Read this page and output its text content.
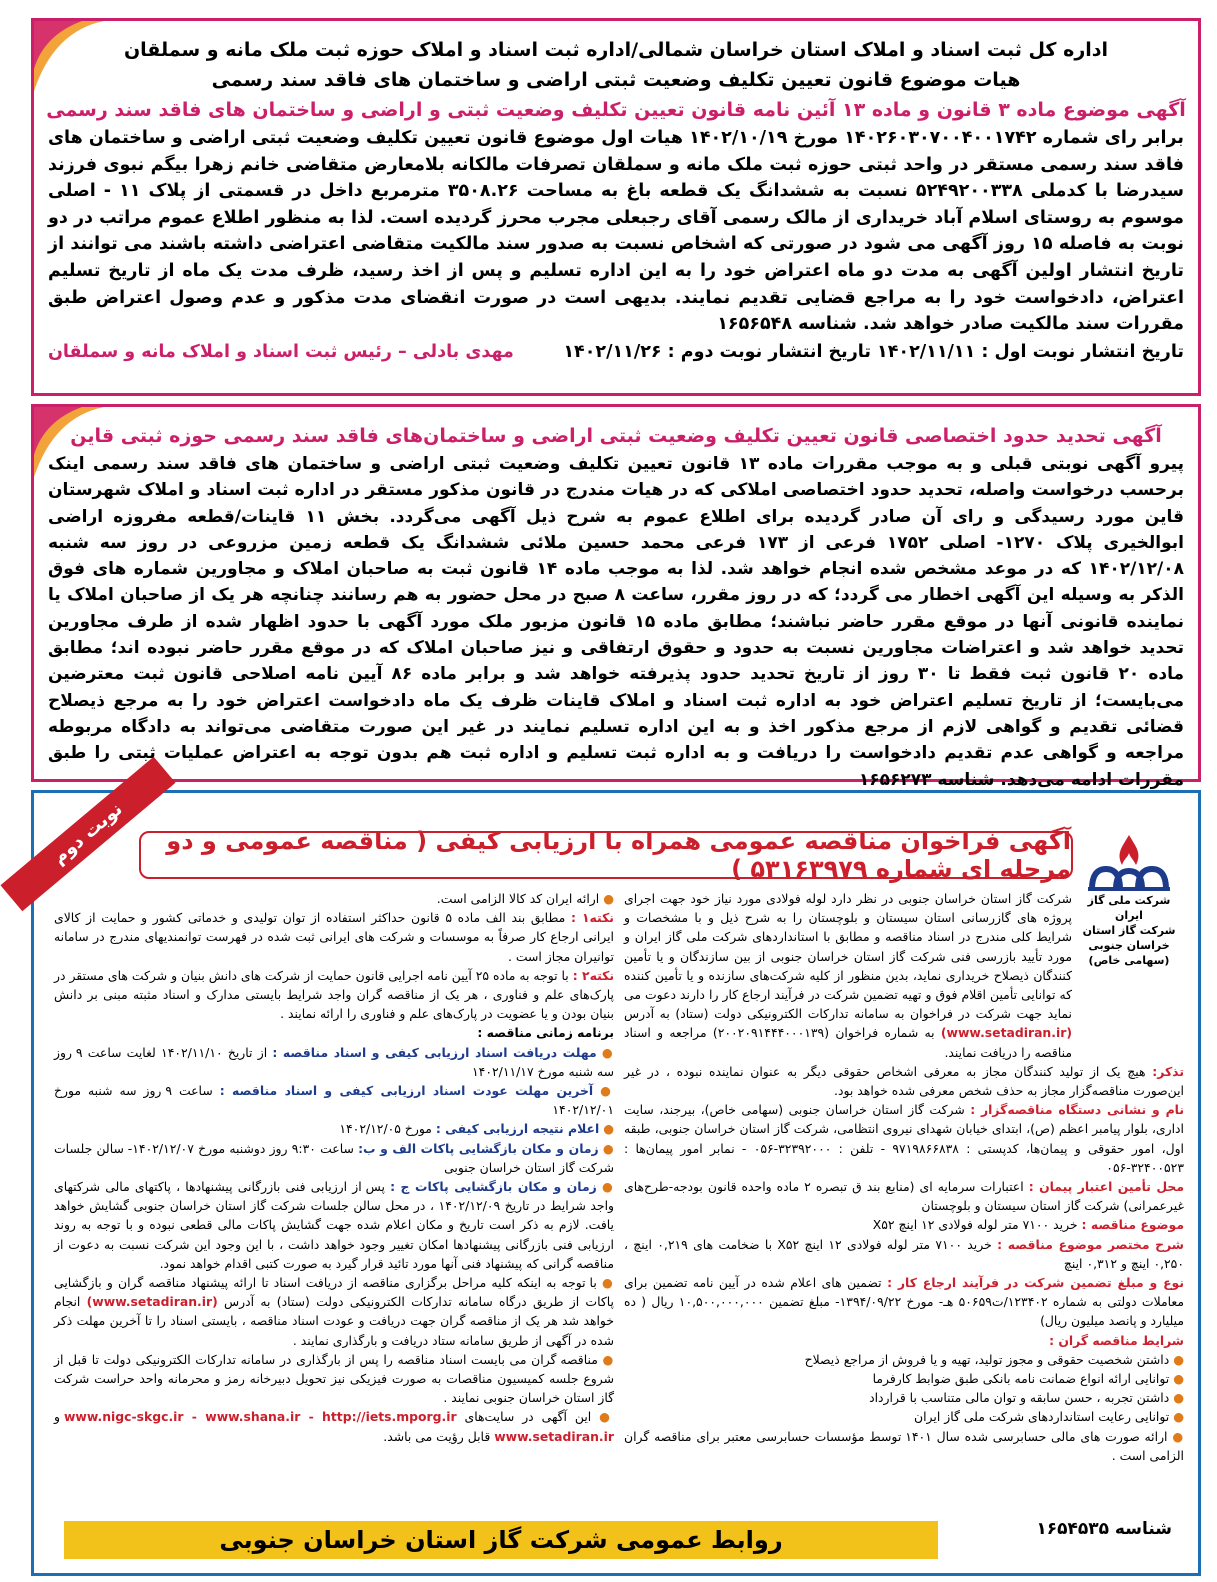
اداره کل ثبت اسناد و املاک استان خراسان شمالی/اداره ثبت اسناد و املاک حوزه ثبت ملک مانه و سملقان
هیات موضوع قانون تعیین تکلیف وضعیت ثبتی اراضی و ساختمان های فاقد سند رسمی
آگهی موضوع ماده ۳ قانون و ماده ۱۳ آئین نامه قانون تعیین تکلیف وضعیت ثبتی و اراضی و ساختمان های فاقد سند رسمی
برابر رای شماره ۱۴۰۲۶۰۳۰۷۰۰۴۰۰۱۷۴۲ مورخ ۱۴۰۲/۱۰/۱۹ هیات اول موضوع قانون تعیین تکلیف وضعیت ثبتی اراضی و ساختمان های فاقد سند رسمی مستقر در واحد ثبتی حوزه ثبت ملک مانه و سملقان تصرفات مالکانه بلامعارض متقاضی خانم زهرا بیگم نبوی فرزند سیدرضا با کدملی ۵۲۴۹۲۰۰۳۳۸ نسبت به ششدانگ یک قطعه باغ به مساحت ۳۵۰۸.۲۶ مترمربع داخل در قسمتی از پلاک ۱۱ - اصلی موسوم به روستای اسلام آباد خریداری از مالک رسمی آقای رجبعلی مجرب محرز گردیده است. لذا به منظور اطلاع عموم مراتب در دو نوبت به فاصله ۱۵ روز آگهی می شود در صورتی که اشخاص نسبت به صدور سند مالکیت متقاضی اعتراضی داشته باشند می توانند از تاریخ انتشار اولین آگهی به مدت دو ماه اعتراض خود را به این اداره تسلیم و پس از اخذ رسید، ظرف مدت یک ماه از تاریخ تسلیم اعتراض، دادخواست خود را به مراجع قضایی تقدیم نمایند. بدیهی است در صورت انقضای مدت مذکور و عدم وصول اعتراض طبق مقررات سند مالکیت صادر خواهد شد. شناسه ۱۶۵۶۵۴۸
تاریخ انتشار نوبت اول : ۱۴۰۲/۱۱/۱۱ تاریخ انتشار نوبت دوم : ۱۴۰۲/۱۱/۲۶
مهدی بادلی – رئیس ثبت اسناد و املاک مانه و سملقان
آگهی تحدید حدود اختصاصی قانون تعیین تکلیف وضعیت ثبتی اراضی و ساختمان‌های فاقد سند رسمی حوزه ثبتی قاین
پیرو آگهی نوبتی قبلی و به موجب مقررات ماده ۱۳ قانون تعیین تکلیف وضعیت ثبتی اراضی و ساختمان های فاقد سند رسمی اینک برحسب درخواست واصله، تحدید حدود اختصاصی املاکی که در هیات مندرج در قانون مذکور مستقر در اداره ثبت اسناد و املاک شهرستان قاین مورد رسیدگی و رای آن صادر گردیده برای اطلاع عموم به شرح ذیل آگهی می‌گردد. بخش ۱۱ قاینات/قطعه مفروزه اراضی ابوالخیری پلاک ۱۲۷۰- اصلی ۱۷۵۲ فرعی از ۱۷۳ فرعی محمد حسین ملائی ششدانگ یک قطعه زمین مزروعی در روز سه شنبه ۱۴۰۲/۱۲/۰۸ که در موعد مشخص شده انجام خواهد شد. لذا به موجب ماده ۱۴ قانون ثبت به صاحبان املاک و مجاورین شماره های فوق الذکر به وسیله این آگهی اخطار می گردد؛ که در روز مقرر، ساعت ۸ صبح در محل حضور به هم رسانند چنانچه هر یک از صاحبان املاک یا نماینده قانونی آنها در موقع مقرر حاضر نباشند؛ مطابق ماده ۱۵ قانون مزبور ملک مورد آگهی با حدود اظهار شده از طرف مجاورین تحدید خواهد شد و اعتراضات مجاورین نسبت به حدود و حقوق ارتفاقی و نیز صاحبان املاک که در موقع مقرر حاضر نبوده اند؛ مطابق ماده ۲۰ قانون ثبت فقط تا ۳۰ روز از تاریخ تحدید حدود پذیرفته خواهد شد و برابر ماده ۸۶ آیین نامه اصلاحی قانون ثبت معترضین می‌بایست؛ از تاریخ تسلیم اعتراض خود به اداره ثبت اسناد و املاک قاینات ظرف یک ماه دادخواست اعتراض خود را به مرجع ذیصلاح قضائی تقدیم و گواهی لازم از مرجع مذکور اخذ و به این اداره تسلیم نمایند در غیر این صورت متقاضی می‌تواند به دادگاه مربوطه مراجعه و گواهی عدم تقدیم دادخواست را دریافت و به اداره ثبت تسلیم و اداره ثبت هم بدون توجه به اعتراض عملیات ثبتی را طبق مقررات ادامه می‌دهد. شناسه ۱۶۵۶۲۷۳
نوبت دوم	آگهی فراخوان مناقصه عمومی همراه با ارزیابی کیفی ( مناقصه عمومی و دو مرحله ای شماره ۵۳۱۶۳۹۷۹ )
شرکت ملی گاز ایران
شرکت گاز استان خراسان جنوبی
(سهامی خاص)

شرکت گاز استان خراسان جنوبی در نظر دارد لوله فولادی مورد نیاز خود جهت اجرای پروژه های گازرسانی استان سیستان و بلوچستان را به شرح ذیل و با مشخصات و شرایط کلی مندرج در اسناد مناقصه و مطابق با استانداردهای شرکت ملی گاز ایران و مورد تأیید بازرسی فنی شرکت گاز استان خراسان جنوبی از بین سازندگان و یا تأمین کنندگان ذیصلاح خریداری نماید، بدین منظور از کلیه شرکت‌های سازنده و یا تأمین کننده که توانایی تأمین اقلام فوق و تهیه تضمین شرکت در فرآیند ارجاع کار را دارند دعوت می نماید جهت شرکت در فراخوان به سامانه تدارکات الکترونیکی دولت (ستاد) به آدرس (www.setadiran.ir) به شماره فراخوان (۲۰۰۲۰۹۱۴۴۴۰۰۰۱۳۹) مراجعه و اسناد مناقصه را دریافت نمایند.

تذکر: هیچ یک از تولید کنندگان مجاز به معرفی اشخاص حقوقی دیگر به عنوان نماینده نبوده ، در غیر این‌صورت مناقصه‌گزار مجاز به حذف شخص معرفی شده خواهد بود.

نام و نشانی دستگاه مناقصه‌گزار : شرکت گاز استان خراسان جنوبی (سهامی خاص)، بیرجند، سایت اداری، بلوار پیامبر اعظم (ص)، ابتدای خیابان شهدای نیروی انتظامی، شرکت گاز استان خراسان جنوبی، طبقه اول، امور حقوقی و پیمان‌ها، کدپستی : ۹۷۱۹۸۶۶۸۳۸ - تلفن : ۳۲۳۹۲۰۰۰-۰۵۶ - نمابر امور پیمان‌ها : ۳۲۴۰۰۵۲۳-۰۵۶

محل تأمین اعتبار پیمان : اعتبارات سرمایه ای (منابع بند ق تبصره ۲ ماده واحده قانون بودجه-طرح‌های غیرعمرانی) شرکت گاز استان سیستان و بلوچستان

موضوع مناقصه : خرید ۷۱۰۰ متر لوله فولادی ۱۲ اینچ X۵۲

شرح مختصر موضوع مناقصه : خرید ۷۱۰۰ متر لوله فولادی ۱۲ اینچ X۵۲ با ضخامت های ۰,۲۱۹ اینچ ، ۰,۲۵۰ اینچ و ۰,۳۱۲ اینچ

نوع و مبلغ تضمین شرکت در فرآیند ارجاع کار : تضمین های اعلام شده در آیین نامه تضمین برای معاملات دولتی به شماره ۱۲۳۴۰۲/ت۵۰۶۵۹ هـ- مورخ ۱۳۹۴/۰۹/۲۲- مبلغ تضمین ۱۰,۵۰۰,۰۰۰,۰۰۰ ریال ( ده میلیارد و پانصد میلیون ریال)

شرایط مناقصه گران :

● داشتن شخصیت حقوقی و مجوز تولید، تهیه و یا فروش از مراجع ذیصلاح

● توانایی ارائه انواع ضمانت نامه بانکی طبق ضوابط کارفرما

● داشتن تجربه ، حسن سابقه و توان مالی متناسب با قرارداد

● توانایی رعایت استانداردهای شرکت ملی گاز ایران

● ارائه صورت های مالی حسابرسی شده سال ۱۴۰۱ توسط مؤسسات حسابرسی معتبر برای مناقصه گران الزامی است .

● ارائه ایران کد کالا الزامی است.

نکته۱ : مطابق بند الف ماده ۵ قانون حداکثر استفاده از توان تولیدی و خدماتی کشور و حمایت از کالای ایرانی ارجاع کار صرفاً به موسسات و شرکت های ایرانی ثبت شده در فهرست توانمندیهای مندرج در سامانه توانیران مجاز است .

نکته۲ : با توجه به ماده ۲۵ آیین نامه اجرایی قانون حمایت از شرکت های دانش بنیان و شرکت های مستقر در پارک‌های علم و فناوری ، هر یک از مناقصه گران واجد شرایط بایستی مدارک و اسناد مثبته مبنی بر دانش بنیان بودن و یا عضویت در پارک‌های علم و فناوری را ارائه نمایند .

برنامه زمانی مناقصه :

● مهلت دریافت اسناد ارزیابی کیفی و اسناد مناقصه : از تاریخ ۱۴۰۲/۱۱/۱۰ لغایت ساعت ۹ روز سه شنبه مورخ ۱۴۰۲/۱۱/۱۷

● آخرین مهلت عودت اسناد ارزیابی کیفی و اسناد مناقصه : ساعت ۹ روز سه شنبه مورخ ۱۴۰۲/۱۲/۰۱

● اعلام نتیجه ارزیابی کیفی : مورخ ۱۴۰۲/۱۲/۰۵

● زمان و مکان بازگشایی پاکات الف و ب: ساعت ۹:۳۰ روز دوشنبه مورخ ۱۴۰۲/۱۲/۰۷- سالن جلسات شرکت گاز استان خراسان جنوبی

● زمان و مکان بازگشایی پاکات ج : پس از ارزیابی فنی بازرگانی پیشنهادها ، پاکتهای مالی شرکتهای واجد شرایط در تاریخ ۱۴۰۲/۱۲/۰۹ ، در محل سالن جلسات شرکت گاز استان خراسان جنوبی گشایش خواهد یافت. لازم به ذکر است تاریخ و مکان اعلام شده جهت گشایش پاکات مالی قطعی نبوده و با توجه به روند ارزیابی فنی بازرگانی پیشنهادها امکان تغییر وجود خواهد داشت ، با این وجود این شرکت نسبت به دعوت از مناقصه گرانی که پیشنهاد فنی آنها مورد تائید قرار گیرد به صورت کتبی اقدام خواهد نمود.

● با توجه به اینکه کلیه مراحل برگزاری مناقصه از دریافت اسناد تا ارائه پیشنهاد مناقصه گران و بازگشایی پاکات از طریق درگاه سامانه تدارکات الکترونیکی دولت (ستاد) به آدرس (www.setadiran.ir) انجام خواهد شد هر یک از مناقصه گران جهت دریافت و عودت اسناد مناقصه ، بایستی اسناد را تا آخرین مهلت ذکر شده در آگهی از طریق سامانه ستاد دریافت و بارگذاری نمایند .

● مناقصه گران می بایست اسناد مناقصه را پس از بارگذاری در سامانه تدارکات الکترونیکی دولت تا قبل از شروع جلسه کمیسیون مناقصات به صورت فیزیکی نیز تحویل دبیرخانه رمز و محرمانه واحد حراست شرکت گاز استان خراسان جنوبی نمایند .

● این آگهی در سایت‌های www.nigc-skgc.ir - www.shana.ir - http://iets.mporg.ir و www.setadiran.ir قابل رؤیت می باشد.

شناسه ۱۶۵۴۵۳۵
روابط عمومی شرکت گاز استان خراسان جنوبی
